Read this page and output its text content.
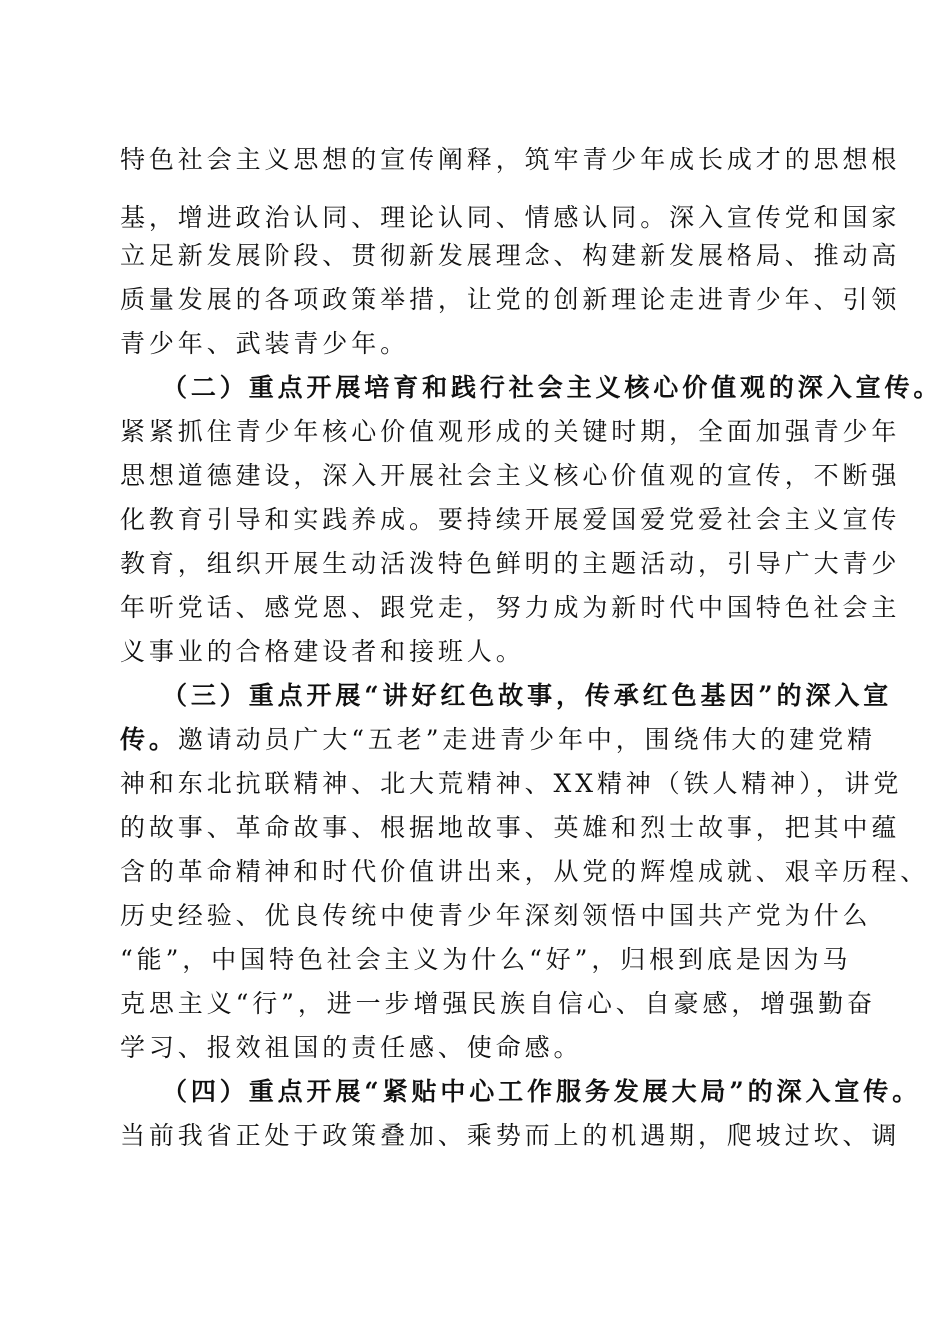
特色社会主义思想的宣传阐释，筑牢青少年成长成才的思想根
基，增进政治认同、理论认同、情感认同。深入宣传党和国家
立足新发展阶段、贯彻新发展理念、构建新发展格局、推动高
质量发展的各项政策举措，让党的创新理论走进青少年、引领
青少年、武装青少年。
（二）重点开展培育和践行社会主义核心价值观的深入宣传。
紧紧抓住青少年核心价值观形成的关键时期，全面加强青少年
思想道德建设，深入开展社会主义核心价值观的宣传，不断强
化教育引导和实践养成。要持续开展爱国爱党爱社会主义宣传
教育，组织开展生动活泼特色鲜明的主题活动，引导广大青少
年听党话、感党恩、跟党走，努力成为新时代中国特色社会主
义事业的合格建设者和接班人。
（三）重点开展“讲好红色故事，传承红色基因”的深入宣
传。邀请动员广大“五老”走进青少年中，围绕伟大的建党精
神和东北抗联精神、北大荒精神、XX精神（铁人精神），讲党
的故事、革命故事、根据地故事、英雄和烈士故事，把其中蕴
含的革命精神和时代价值讲出来，从党的辉煌成就、艰辛历程、
历史经验、优良传统中使青少年深刻领悟中国共产党为什么
“能”，中国特色社会主义为什么“好”，归根到底是因为马
克思主义“行”，进一步增强民族自信心、自豪感，增强勤奋
学习、报效祖国的责任感、使命感。
（四）重点开展“紧贴中心工作服务发展大局”的深入宣传。
当前我省正处于政策叠加、乘势而上的机遇期，爬坡过坎、调
